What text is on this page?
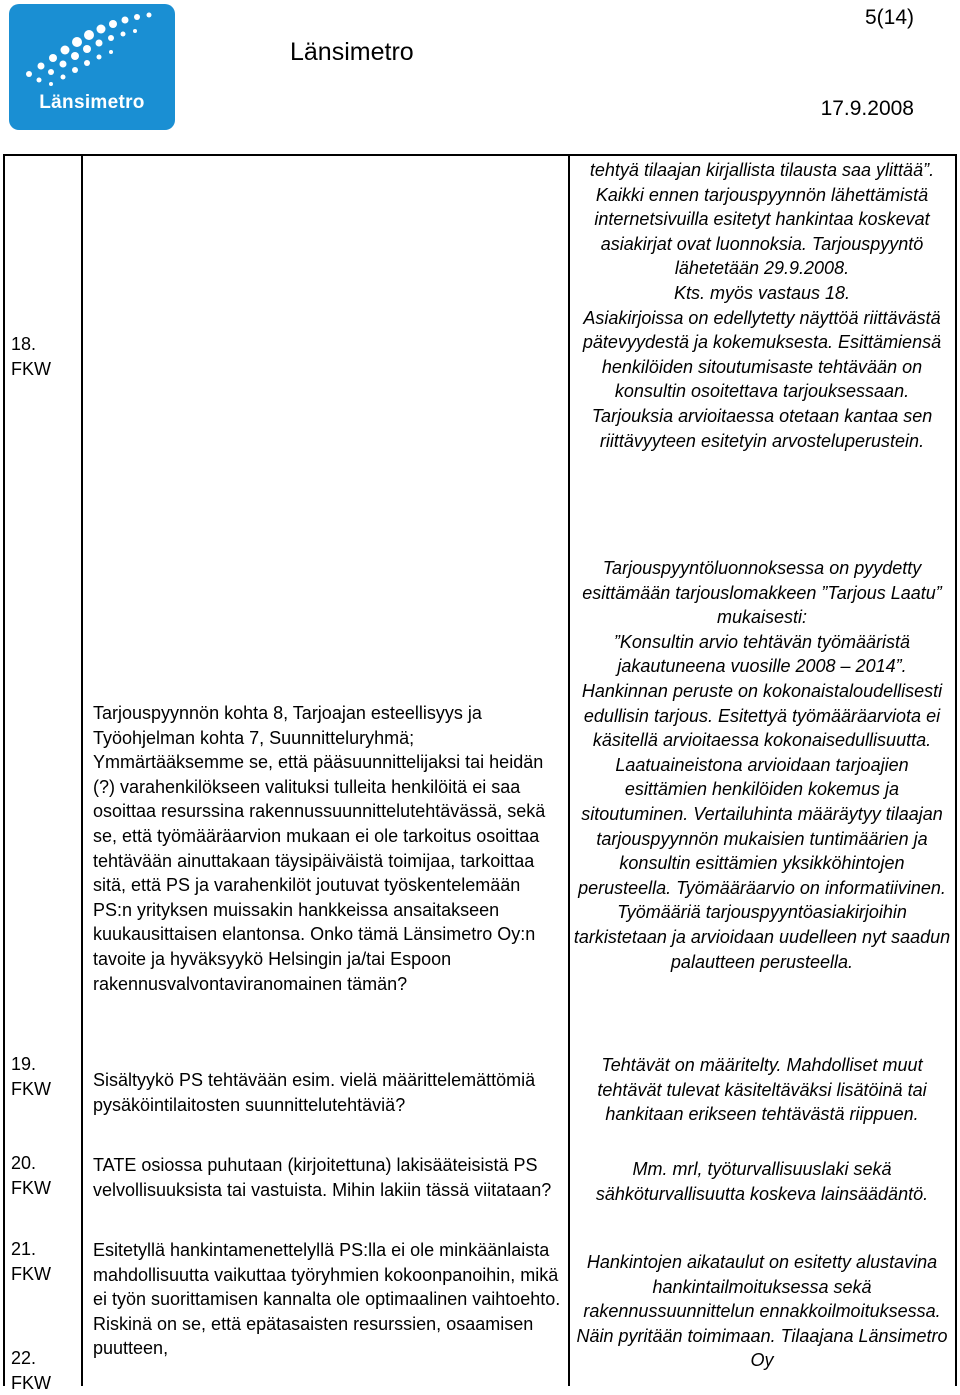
Länsimetro
Länsimetro
5(14)
17.9.2008

18.

FKW

tehtyä tilaajan kirjallista tilausta saa ylittää”. Kaikki ennen tarjouspyynnön lähettämistä internetsivuilla esitetyt hankintaa koskevat asiakirjat ovat luonnoksia. Tarjouspyyntö lähetetään 29.9.2008.
Kts. myös vastaus 18.
Asiakirjoissa on edellytetty näyttöä riittävästä pätevyydestä ja kokemuksesta. Esittämiensä henkilöiden sitoutumisaste tehtävään on konsultin osoitettava tarjouksessaan. Tarjouksia arvioitaessa otetaan kantaa sen riittävyyteen esitetyin arvosteluperustein.

19.

FKW

Tarjouspyynnön kohta 8, Tarjoajan esteellisyys ja Työohjelman kohta 7, Suunnitteluryhmä; Ymmärtääksemme se, että pääsuunnittelijaksi tai heidän (?) varahenkilökseen valituksi tulleita henkilöitä ei saa osoittaa resurssina rakennussuunnittelutehtävässä, sekä se, että työmääräarvion mukaan ei ole tarkoitus osoittaa tehtävään ainuttakaan täysipäiväistä toimijaa, tarkoittaa sitä, että PS ja varahenkilöt joutuvat työskentelemään PS:n yrityksen muissakin hankkeissa ansaitakseen kuukausittaisen elantonsa. Onko tämä Länsimetro Oy:n tavoite ja hyväksyykö Helsingin ja/tai Espoon rakennusvalvontaviranomainen tämän?

Tarjouspyyntöluonnoksessa on pyydetty esittämään tarjouslomakkeen ”Tarjous Laatu” mukaisesti:

”Konsultin arvio tehtävän työmääristä jakautuneena vuosille 2008 – 2014”.

Hankinnan peruste on kokonaistaloudellisesti edullisin tarjous. Esitettyä työmääräarviota ei käsitellä arvioitaessa kokonaisedullisuutta. Laatuaineistona arvioidaan tarjoajien esittämien henkilöiden kokemus ja sitoutuminen. Vertailuhinta määräytyy tilaajan tarjouspyynnön mukaisien tuntimäärien ja konsultin esittämien yksikköhintojen perusteella. Työmääräarvio on informatiivinen. Työmääriä tarjouspyyntöasiakirjoihin tarkistetaan ja arvioidaan uudelleen nyt saadun palautteen perusteella.

20.

FKW

Sisältyykö PS tehtävään esim. vielä määrittelemättömiä pysäköintilaitosten suunnittelutehtäviä?
Tehtävät on määritelty. Mahdolliset muut tehtävät tulevat käsiteltäväksi lisätöinä tai hankitaan erikseen tehtävästä riippuen.

21.

FKW

TATE osiossa puhutaan (kirjoitettuna) lakisääteisistä PS velvollisuuksista tai vastuista. Mihin lakiin tässä viitataan?
Mm. mrl, työturvallisuuslaki sekä sähköturvallisuutta koskeva lainsäädäntö.

22.

FKW

Esitetyllä hankintamenettelyllä PS:lla ei ole minkäänlaista mahdollisuutta vaikuttaa työryhmien kokoonpanoihin, mikä ei työn suorittamisen kannalta ole optimaalinen vaihtoehto. Riskinä on se, että epätasaisten resurssien, osaamisen puutteen,
Hankintojen aikataulut on esitetty alustavina hankintailmoituksessa sekä rakennussuunnittelun ennakkoilmoituksessa. Näin pyritään toimimaan. Tilaajana Länsimetro Oy
